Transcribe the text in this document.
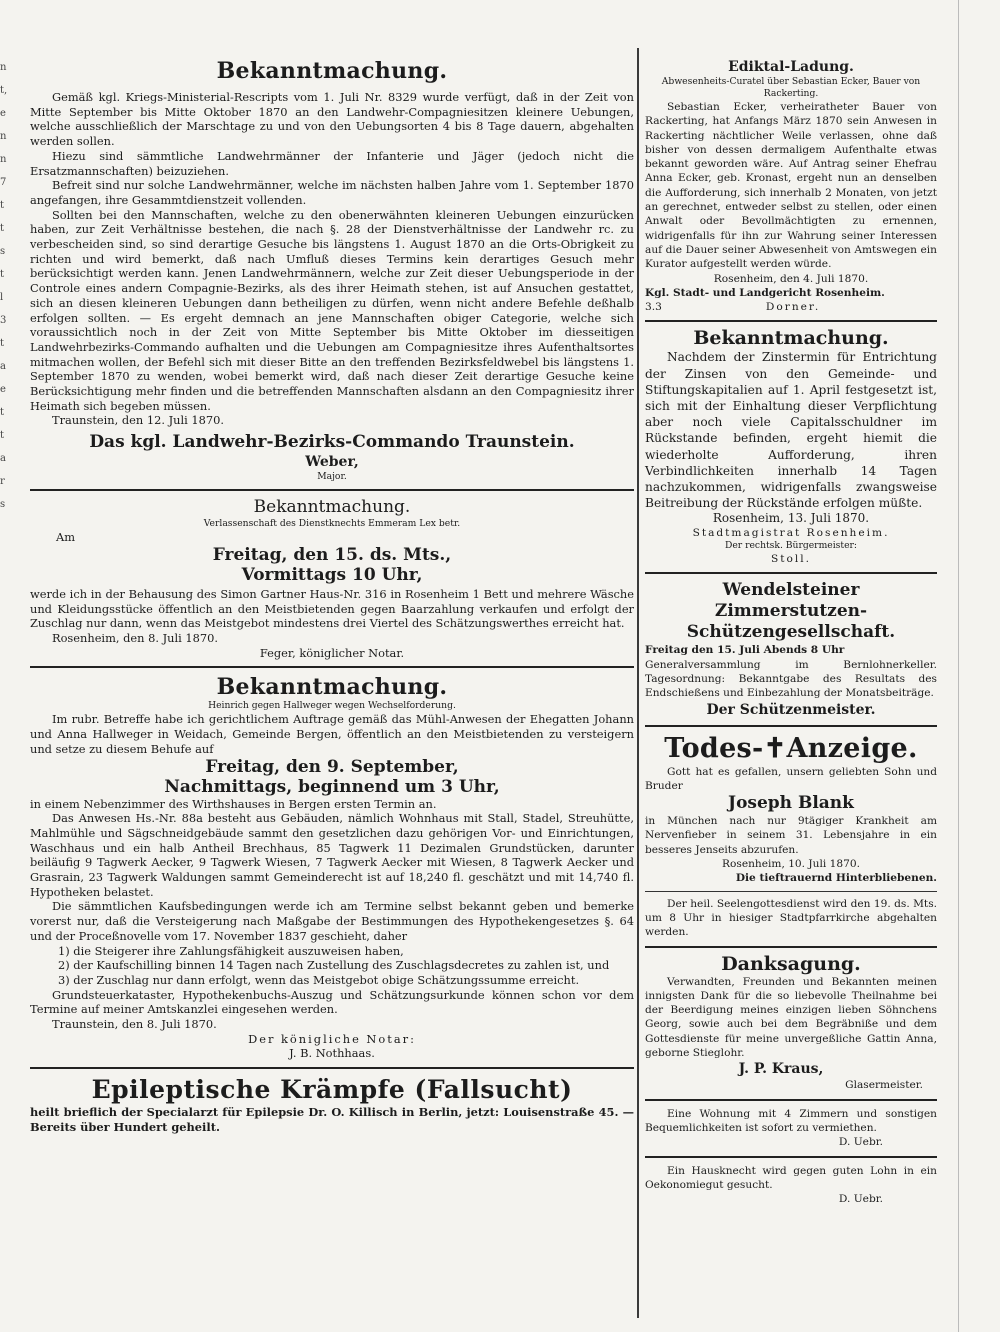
n
t,
e
n
n
7
t
t
s
t
l
3
t
a
e
t
t
a
r
s
Bekanntmachung.

Gemäß kgl. Kriegs-Ministerial-Rescripts vom 1. Juli Nr. 8329 wurde verfügt, daß in der Zeit von Mitte September bis Mitte Oktober 1870 an den Landwehr-Compagniesitzen kleinere Uebungen, welche ausschließlich der Marschtage zu und von den Uebungsorten 4 bis 8 Tage dauern, abgehalten werden sollen.

Hiezu sind sämmtliche Landwehrmänner der Infanterie und Jäger (jedoch nicht die Ersatzmannschaften) beizuziehen.

Befreit sind nur solche Landwehrmänner, welche im nächsten halben Jahre vom 1. September 1870 angefangen, ihre Gesammtdienstzeit vollenden.

Sollten bei den Mannschaften, welche zu den obenerwähnten kleineren Uebungen einzurücken haben, zur Zeit Verhältnisse bestehen, die nach §. 28 der Dienstverhältnisse der Landwehr rc. zu verbescheiden sind, so sind derartige Gesuche bis längstens 1. August 1870 an die Orts-Obrigkeit zu richten und wird bemerkt, daß nach Umfluß dieses Termins kein derartiges Gesuch mehr berücksichtigt werden kann. Jenen Landwehrmännern, welche zur Zeit dieser Uebungsperiode in der Controle eines andern Compagnie-Bezirks, als des ihrer Heimath stehen, ist auf Ansuchen gestattet, sich an diesen kleineren Uebungen dann betheiligen zu dürfen, wenn nicht andere Befehle deßhalb erfolgen sollten. — Es ergeht demnach an jene Mannschaften obiger Categorie, welche sich voraussichtlich noch in der Zeit von Mitte September bis Mitte Oktober im diesseitigen Landwehrbezirks-Commando aufhalten und die Uebungen am Compagniesitze ihres Aufenthaltsortes mitmachen wollen, der Befehl sich mit dieser Bitte an den treffenden Bezirksfeldwebel bis längstens 1. September 1870 zu wenden, wobei bemerkt wird, daß nach dieser Zeit derartige Gesuche keine Berücksichtigung mehr finden und die betreffenden Mannschaften alsdann an den Compagniesitz ihrer Heimath sich begeben müssen.

Traunstein, den 12. Juli 1870.

Das kgl. Landwehr-Bezirks-Commando Traunstein.
Weber,
Major.
Bekanntmachung.
Verlassenschaft des Dienstknechts Emmeram Lex betr.
Am
Freitag, den 15. ds. Mts.,
Vormittags 10 Uhr,

werde ich in der Behausung des Simon Gartner Haus-Nr. 316 in Rosenheim 1 Bett und mehrere Wäsche und Kleidungsstücke öffentlich an den Meistbietenden gegen Baarzahlung verkaufen und erfolgt der Zuschlag nur dann, wenn das Meistgebot mindestens drei Viertel des Schätzungswerthes erreicht hat.

Rosenheim, den 8. Juli 1870.

Feger, königlicher Notar.
Bekanntmachung.
Heinrich gegen Hallweger wegen Wechselforderung.

Im rubr. Betreffe habe ich gerichtlichem Auftrage gemäß das Mühl-Anwesen der Ehegatten Johann und Anna Hallweger in Weidach, Gemeinde Bergen, öffentlich an den Meistbietenden zu versteigern und setze zu diesem Behufe auf

Freitag, den 9. September,
Nachmittags, beginnend um 3 Uhr,

in einem Nebenzimmer des Wirthshauses in Bergen ersten Termin an.

Das Anwesen Hs.-Nr. 88a besteht aus Gebäuden, nämlich Wohnhaus mit Stall, Stadel, Streuhütte, Mahlmühle und Sägschneidgebäude sammt den gesetzlichen dazu gehörigen Vor- und Einrichtungen, Waschhaus und ein halb Antheil Brechhaus, 85 Tagwerk 11 Dezimalen Grundstücken, darunter beiläufig 9 Tagwerk Aecker, 9 Tagwerk Wiesen, 7 Tagwerk Aecker mit Wiesen, 8 Tagwerk Aecker und Grasrain, 23 Tagwerk Waldungen sammt Gemeinderecht ist auf 18,240 fl. geschätzt und mit 14,740 fl. Hypotheken belastet.

Die sämmtlichen Kaufsbedingungen werde ich am Termine selbst bekannt geben und bemerke vorerst nur, daß die Versteigerung nach Maßgabe der Bestimmungen des Hypothekengesetzes §. 64 und der Proceßnovelle vom 17. November 1837 geschieht, daher

1) die Steigerer ihre Zahlungsfähigkeit auszuweisen haben,

2) der Kaufschilling binnen 14 Tagen nach Zustellung des Zuschlagsdecretes zu zahlen ist, und

3) der Zuschlag nur dann erfolgt, wenn das Meistgebot obige Schätzungssumme erreicht.

Grundsteuerkataster, Hypothekenbuchs-Auszug und Schätzungsurkunde können schon vor dem Termine auf meiner Amtskanzlei eingesehen werden.

Traunstein, den 8. Juli 1870.

Der königliche Notar:
J. B. Nothhaas.
Epileptische Krämpfe (Fallsucht)

heilt brieflich der Specialarzt für Epilepsie Dr. O. Killisch in Berlin, jetzt: Louisenstraße 45. — Bereits über Hundert geheilt.

Ediktal-Ladung.
Abwesenheits-Curatel über Sebastian Ecker, Bauer von Rackerting.

Sebastian Ecker, verheiratheter Bauer von Rackerting, hat Anfangs März 1870 sein Anwesen in Rackerting nächtlicher Weile verlassen, ohne daß bisher von dessen dermaligem Aufenthalte etwas bekannt geworden wäre. Auf Antrag seiner Ehefrau Anna Ecker, geb. Kronast, ergeht nun an denselben die Aufforderung, sich innerhalb 2 Monaten, von jetzt an gerechnet, entweder selbst zu stellen, oder einen Anwalt oder Bevollmächtigten zu ernennen, widrigenfalls für ihn zur Wahrung seiner Interessen auf die Dauer seiner Abwesenheit von Amtswegen ein Kurator aufgestellt werden würde.

Rosenheim, den 4. Juli 1870.

Kgl. Stadt- und Landgericht Rosenheim.
3.3	Dorner.
Bekanntmachung.

Nachdem der Zinstermin für Entrichtung der Zinsen von den Gemeinde- und Stiftungskapitalien auf 1. April festgesetzt ist, sich mit der Einhaltung dieser Verpflichtung aber noch viele Capitalsschuldner im Rückstande befinden, ergeht hiemit die wiederholte Aufforderung, ihren Verbindlichkeiten innerhalb 14 Tagen nachzukommen, widrigenfalls zwangsweise Beitreibung der Rückstände erfolgen müßte.

Rosenheim, 13. Juli 1870.

Stadtmagistrat Rosenheim.
Der rechtsk. Bürgermeister:
Stoll.
Wendelsteiner Zimmerstutzen-
Schützengesellschaft.
Freitag den 15. Juli Abends 8 Uhr

Generalversammlung im Bernlohnerkeller. Tagesordnung: Bekanntgabe des Resultats des Endschießens und Einbezahlung der Monatsbeiträge.

Der Schützenmeister.
Todes-✝Anzeige.

Gott hat es gefallen, unsern geliebten Sohn und Bruder

Joseph Blank

in München nach nur 9tägiger Krankheit am Nervenfieber in seinem 31. Lebensjahre in ein besseres Jenseits abzurufen.

Rosenheim, 10. Juli 1870.

Die tieftrauernd Hinterbliebenen.

Der heil. Seelengottesdienst wird den 19. ds. Mts. um 8 Uhr in hiesiger Stadtpfarrkirche abgehalten werden.

Danksagung.

Verwandten, Freunden und Bekannten meinen innigsten Dank für die so liebevolle Theilnahme bei der Beerdigung meines einzigen lieben Söhnchens Georg, sowie auch bei dem Begräbniße und dem Gottesdienste für meine unvergeßliche Gattin Anna, geborne Stieglohr.

J. P. Kraus,
Glasermeister.

Eine Wohnung mit 4 Zimmern und sonstigen Bequemlichkeiten ist sofort zu vermiethen.

D. Uebr.

Ein Hausknecht wird gegen guten Lohn in ein Oekonomiegut gesucht.

D. Uebr.
